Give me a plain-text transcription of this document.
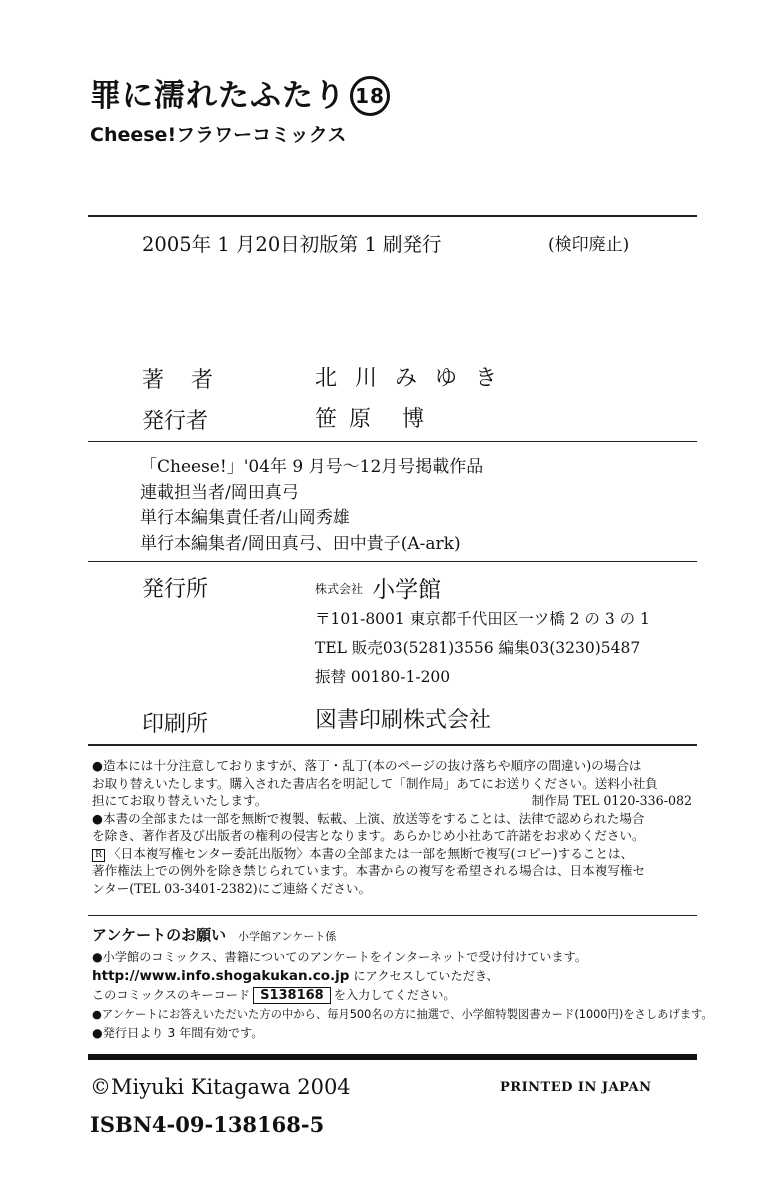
罪に濡れたふたり 18
Cheese!フラワーコミックス
2005年 1 月20日初版第 1 刷発行	(検印廃止)
著 者	北川みゆき
発行者	笹原 博
「Cheese!」'04年 9 月号〜12月号掲載作品
連載担当者/岡田真弓
単行本編集責任者/山岡秀雄
単行本編集者/岡田真弓、田中貴子(A-ark)
発行所	$^{株式会社}$ 小学館
〒101-8001 東京都千代田区一ツ橋 2 の 3 の 1
TEL 販売03(5281)3556 編集03(3230)5487
振替 00180-1-200
印刷所	図書印刷株式会社

●造本には十分注意しておりますが、落丁・乱丁(本のページの抜け落ちや順序の間違い)の場合は

お取り替えいたします。購入された書店名を明記して「制作局」あてにお送りください。送料小社負

担にてお取り替えいたします。	制作局 TEL 0120-336-082

●本書の全部または一部を無断で複製、転載、上演、放送等をすることは、法律で認められた場合

を除き、著作者及び出版者の権利の侵害となります。あらかじめ小社あて許諾をお求めください。

R 〈日本複写権センター委託出版物〉本書の全部または一部を無断で複写(コピー)することは、

著作権法上での例外を除き禁じられています。本書からの複写を希望される場合は、日本複写権セ

ンター(TEL 03-3401-2382)にご連絡ください。

アンケートのお願い 小学館アンケート係
●小学館のコミックス、書籍についてのアンケートをインターネットで受け付けています。
http://www.info.shogakukan.co.jp にアクセスしていただき、
このコミックスのキーコード S138168 を入力してください。
●アンケートにお答えいただいた方の中から、毎月500名の方に抽選で、小学館特製図書カード(1000円)をさしあげます。
●発行日より 3 年間有効です。
©Miyuki Kitagawa 2004	PRINTED IN JAPAN
ISBN4-09-138168-5
